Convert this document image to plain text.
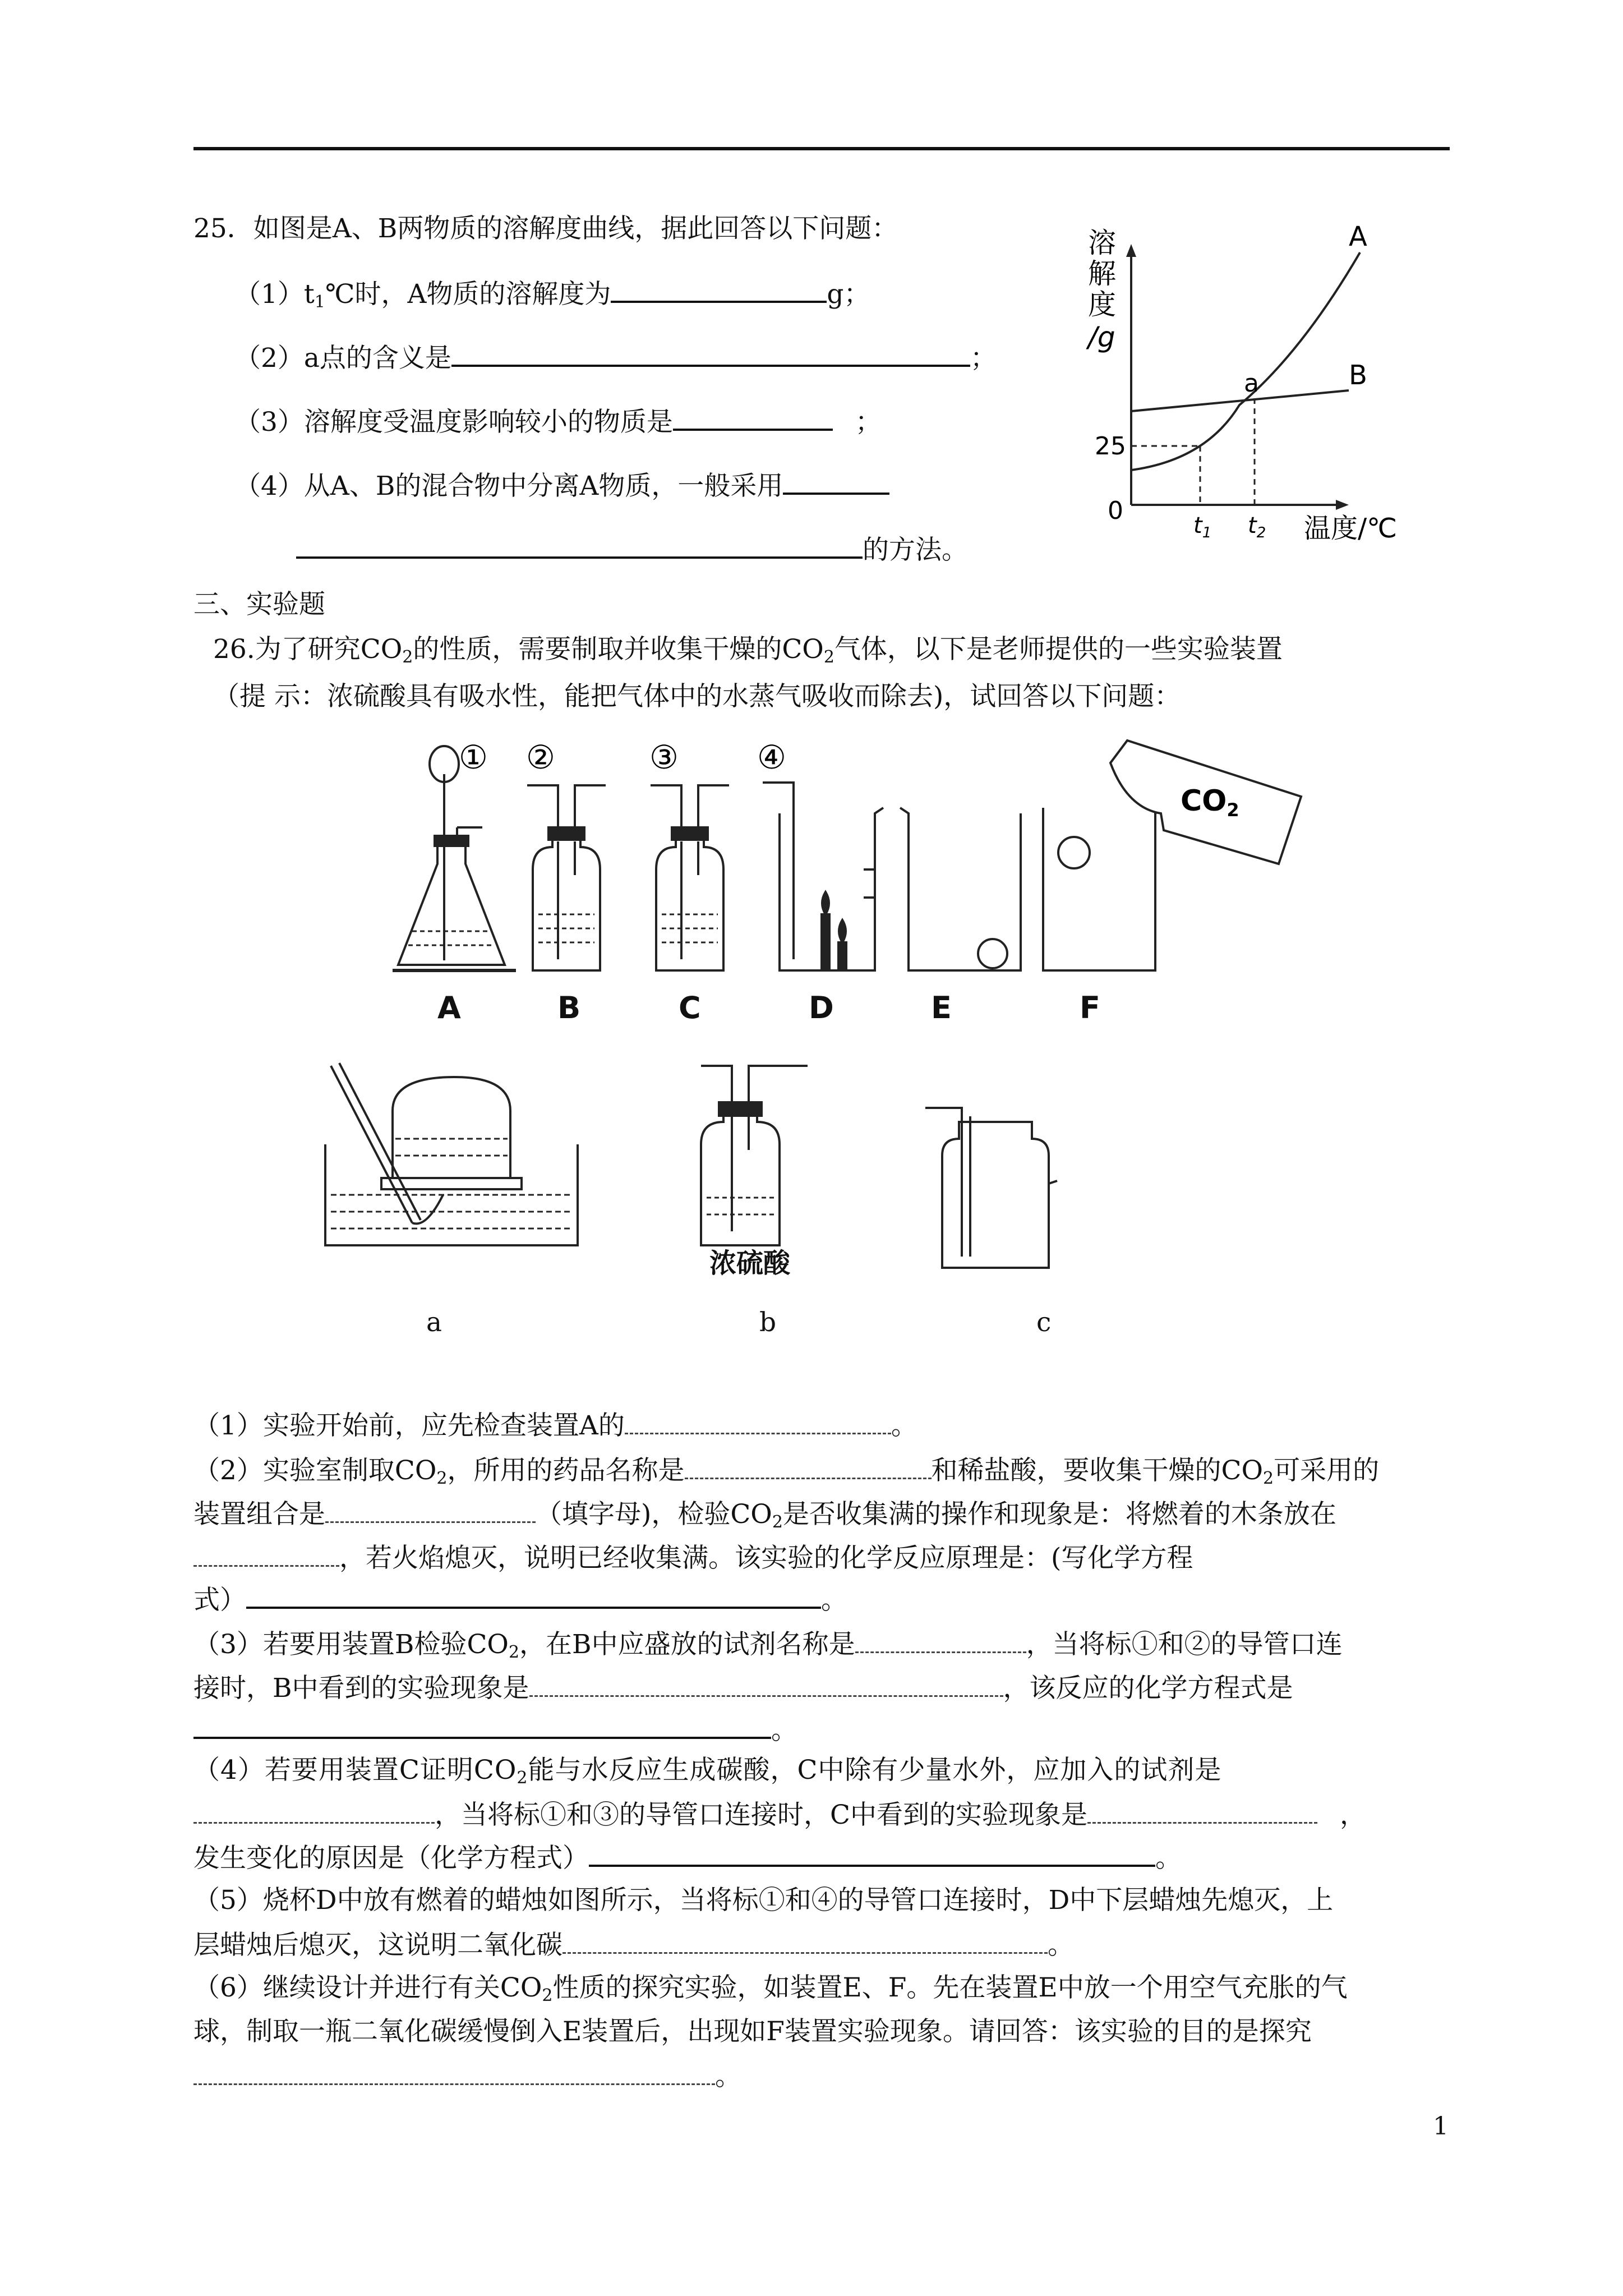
25．如图是A、B两物质的溶解度曲线，据此回答以下问题：
$(1)t_1℃$时，A物质的溶解度为	g；
（2）a点的含义是	；
（3）溶解度受温度影响较小的物质是	；
（4）从A、B的混合物中分离A物质，一般采用
的方法。
溶
解
度
/g
25
0
$t_1$ $t_2$ 温度/℃
A
B
a
三、实验题
26.为了研究$CO_2$的性质，需要制取并收集干燥的$CO_2$气体，以下是老师提供的一些实验装置
（提 示：浓硫酸具有吸水性，能把气体中的水蒸气吸收而除去)，试回答以下问题：
① ②	③ ④
CO2
A	B	C	D	E	F
a	b	c
浓硫酸
（1）实验开始前，应先检查装置A的	。
（2）实验室制取$CO_2$，所用的药品名称是	和稀盐酸，要收集干燥的$CO_2$可采用的
装置组合是	（填字母)，检验$CO_2$是否收集满的操作和现象是：将燃着的木条放在
，若火焰熄灭，说明已经收集满。该实验的化学反应原理是：(写化学方程
式）	。
（3）若要用装置B检验$CO_2$，在B中应盛放的试剂名称是	，当将标①和②的导管口连
接时，B中看到的实验现象是	，该反应的化学方程式是
。
（4）若要用装置C证明$CO_2$能与水反应生成碳酸，C中除有少量水外，应加入的试剂是
，当将标①和③的导管口连接时，C中看到的实验现象是	，
发生变化的原因是（化学方程式）	。
（5）烧杯D中放有燃着的蜡烛如图所示，当将标①和④的导管口连接时，D中下层蜡烛先熄灭，上
层蜡烛后熄灭，这说明二氧化碳	。
（6）继续设计并进行有关$CO_2$性质的探究实验，如装置E、F。先在装置E中放一个用空气充胀的气
球，制取一瓶二氧化碳缓慢倒入E装置后，出现如F装置实验现象。请回答：该实验的目的是探究
。
1
